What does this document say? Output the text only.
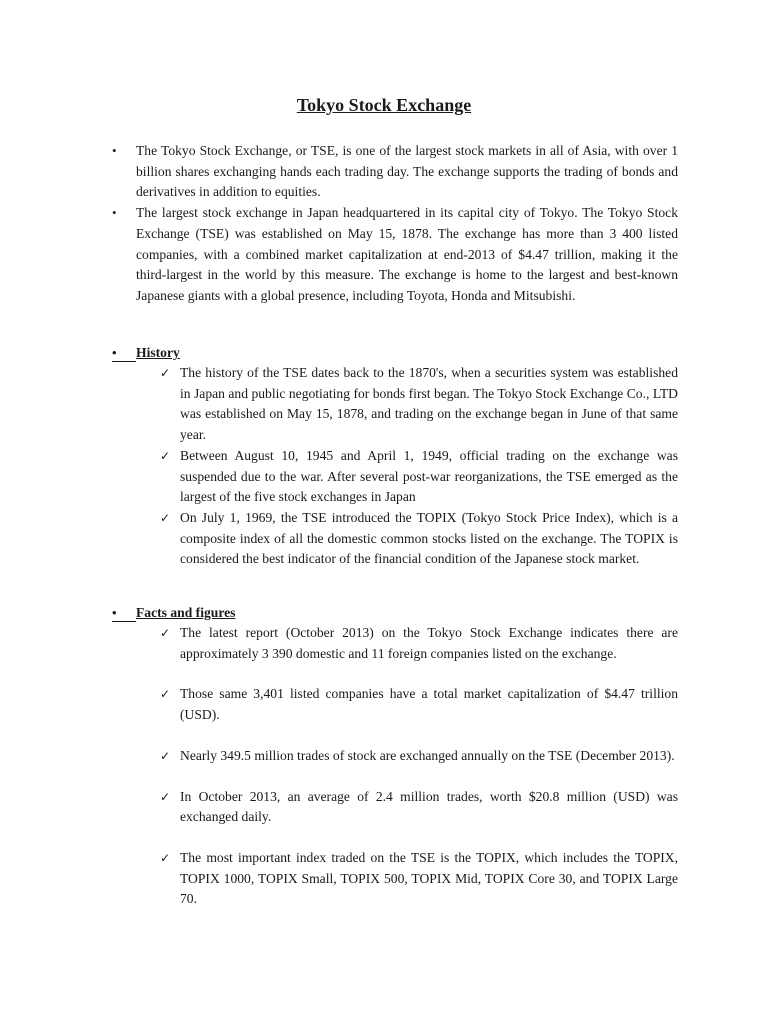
Tokyo Stock Exchange
• The Tokyo Stock Exchange, or TSE, is one of the largest stock markets in all of Asia, with over 1 billion shares exchanging hands each trading day. The exchange supports the trading of bonds and derivatives in addition to equities.
• The largest stock exchange in Japan headquartered in its capital city of Tokyo. The Tokyo Stock Exchange (TSE) was established on May 15, 1878. The exchange has more than 3 400 listed companies, with a combined market capitalization at end-2013 of $4.47 trillion, making it the third-largest in the world by this measure. The exchange is home to the largest and best-known Japanese giants with a global presence, including Toyota, Honda and Mitsubishi.
• History
✓ The history of the TSE dates back to the 1870's, when a securities system was established in Japan and public negotiating for bonds first began. The Tokyo Stock Exchange Co., LTD was established on May 15, 1878, and trading on the exchange began in June of that same year.
✓ Between August 10, 1945 and April 1, 1949, official trading on the exchange was suspended due to the war. After several post-war reorganizations, the TSE emerged as the largest of the five stock exchanges in Japan
✓ On July 1, 1969, the TSE introduced the TOPIX (Tokyo Stock Price Index), which is a composite index of all the domestic common stocks listed on the exchange. The TOPIX is considered the best indicator of the financial condition of the Japanese stock market.
• Facts and figures
✓ The latest report (October 2013) on the Tokyo Stock Exchange indicates there are approximately 3 390 domestic and 11 foreign companies listed on the exchange.
✓ Those same 3,401 listed companies have a total market capitalization of $4.47 trillion (USD).
✓ Nearly 349.5 million trades of stock are exchanged annually on the TSE (December 2013).
✓ In October 2013, an average of 2.4 million trades, worth $20.8 million (USD) was exchanged daily.
✓ The most important index traded on the TSE is the TOPIX, which includes the TOPIX, TOPIX 1000, TOPIX Small, TOPIX 500, TOPIX Mid, TOPIX Core 30, and TOPIX Large 70.
